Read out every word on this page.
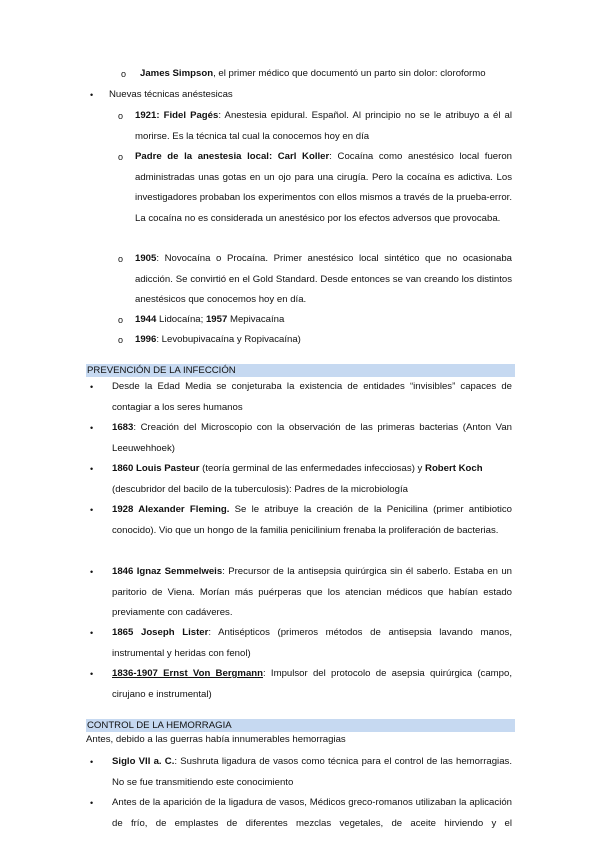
o James Simpson, el primer médico que documentó un parto sin dolor: cloroformo
• Nuevas técnicas anéstesicas
o 1921: Fidel Pagés: Anestesia epidural. Español. Al principio no se le atribuyo a él al morirse. Es la técnica tal cual la conocemos hoy en día
o Padre de la anestesia local: Carl Koller: Cocaína como anestésico local fueron administradas unas gotas en un ojo para una cirugía. Pero la cocaína es adictiva. Los investigadores probaban los experimentos con ellos mismos a través de la prueba-error. La cocaína no es considerada un anestésico por los efectos adversos que provocaba.
o 1905: Novocaína o Procaína. Primer anestésico local sintético que no ocasionaba adicción. Se convirtió en el Gold Standard. Desde entonces se van creando los distintos anestésicos que conocemos hoy en día.
o 1944 Lidocaína; 1957 Mepivacaína
o 1996: Levobupivacaína y Ropivacaína)
PREVENCIÓN DE LA INFECCIÓN
• Desde la Edad Media se conjeturaba la existencia de entidades “invisibles” capaces de contagiar a los seres humanos
• 1683: Creación del Microscopio con la observación de las primeras bacterias (Anton Van Leeuwehhoek)
• 1860 Louis Pasteur (teoría germinal de las enfermedades infecciosas) y Robert Koch (descubridor del bacilo de la tuberculosis): Padres de la microbiología
• 1928 Alexander Fleming. Se le atribuye la creación de la Penicilina (primer antibiotico conocido). Vio que un hongo de la familia penicilinium frenaba la proliferación de bacterias.
• 1846 Ignaz Semmelweis: Precursor de la antisepsia quirúrgica sin él saberlo. Estaba en un paritorio de Viena. Morían más puérperas que los atencian médicos que habían estado previamente con cadáveres.
• 1865 Joseph Lister: Antisépticos (primeros métodos de antisepsia lavando manos, instrumental y heridas con fenol)
• 1836-1907 Ernst Von Bergmann: Impulsor del protocolo de asepsia quirúrgica (campo, cirujano e instrumental)
CONTROL DE LA HEMORRAGIA
Antes, debido a las guerras había innumerables hemorragias
• Siglo VII a. C.: Sushruta ligadura de vasos como técnica para el control de las hemorragias. No se fue transmitiendo este conocimiento
• Antes de la aparición de la ligadura de vasos, Médicos greco-romanos utilizaban la aplicación de frío, de emplastes de diferentes mezclas vegetales, de aceite hirviendo y el
